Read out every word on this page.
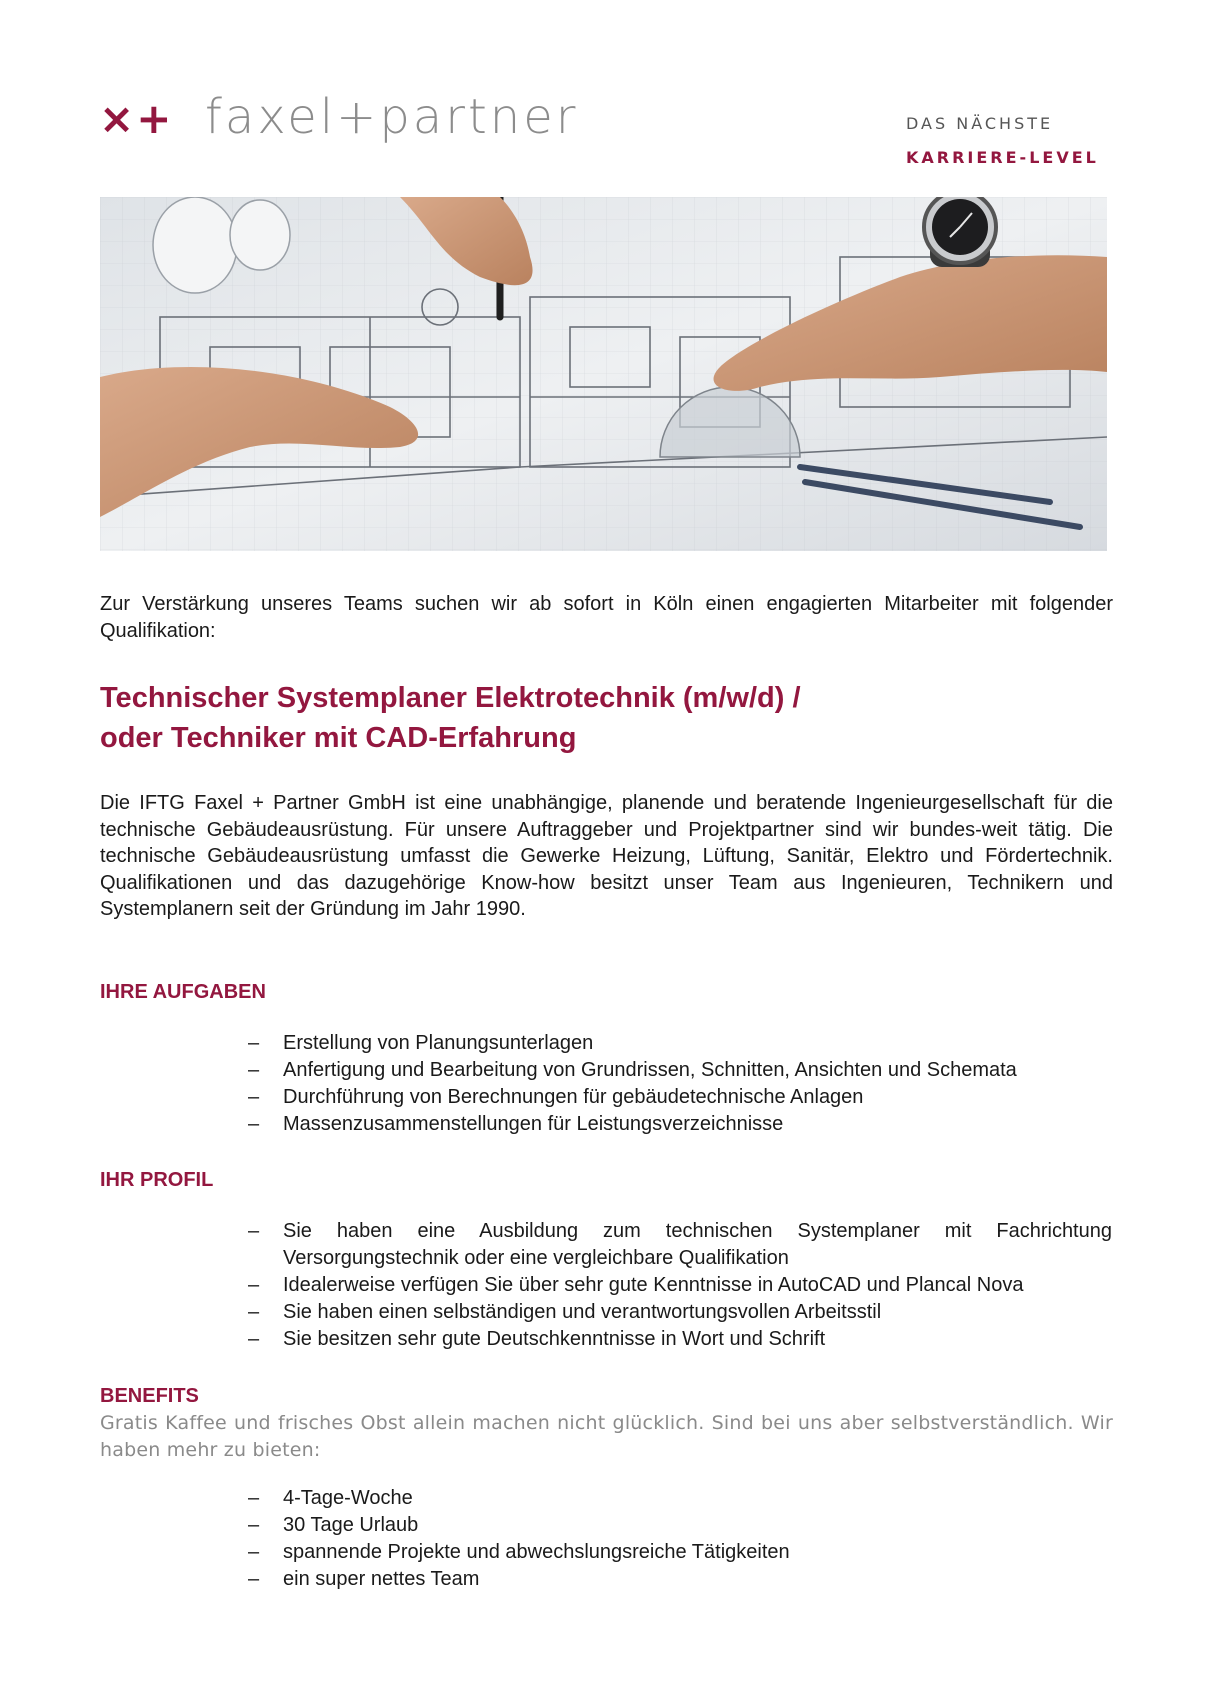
×+ faxel+partner	DAS NÄCHSTE
KARRIERE-LEVEL
Zur Verstärkung unseres Teams suchen wir ab sofort in Köln einen engagierten Mitarbeiter mit folgender Qualifikation:
Technischer Systemplaner Elektrotechnik (m/w/d) /
oder Techniker mit CAD-Erfahrung
Die IFTG Faxel + Partner GmbH ist eine unabhängige, planende und beratende Ingenieurgesellschaft für die technische Gebäudeausrüstung. Für unsere Auftraggeber und Projektpartner sind wir bundes-weit tätig. Die technische Gebäudeausrüstung umfasst die Gewerke Heizung, Lüftung, Sanitär, Elektro und Fördertechnik. Qualifikationen und das dazugehörige Know-how besitzt unser Team aus Ingenieuren, Technikern und Systemplanern seit der Gründung im Jahr 1990.
IHRE AUFGABEN
– Erstellung von Planungsunterlagen
– Anfertigung und Bearbeitung von Grundrissen, Schnitten, Ansichten und Schemata
– Durchführung von Berechnungen für gebäudetechnische Anlagen
– Massenzusammenstellungen für Leistungsverzeichnisse
IHR PROFIL
– Sie haben eine Ausbildung zum technischen Systemplaner mit Fachrichtung Versorgungstechnik oder eine vergleichbare Qualifikation
– Idealerweise verfügen Sie über sehr gute Kenntnisse in AutoCAD und Plancal Nova
– Sie haben einen selbständigen und verantwortungsvollen Arbeitsstil
– Sie besitzen sehr gute Deutschkenntnisse in Wort und Schrift
BENEFITS
Gratis Kaffee und frisches Obst allein machen nicht glücklich. Sind bei uns aber selbstverständlich. Wir haben mehr zu bieten:
– 4-Tage-Woche
– 30 Tage Urlaub
– spannende Projekte und abwechslungsreiche Tätigkeiten
– ein super nettes Team
